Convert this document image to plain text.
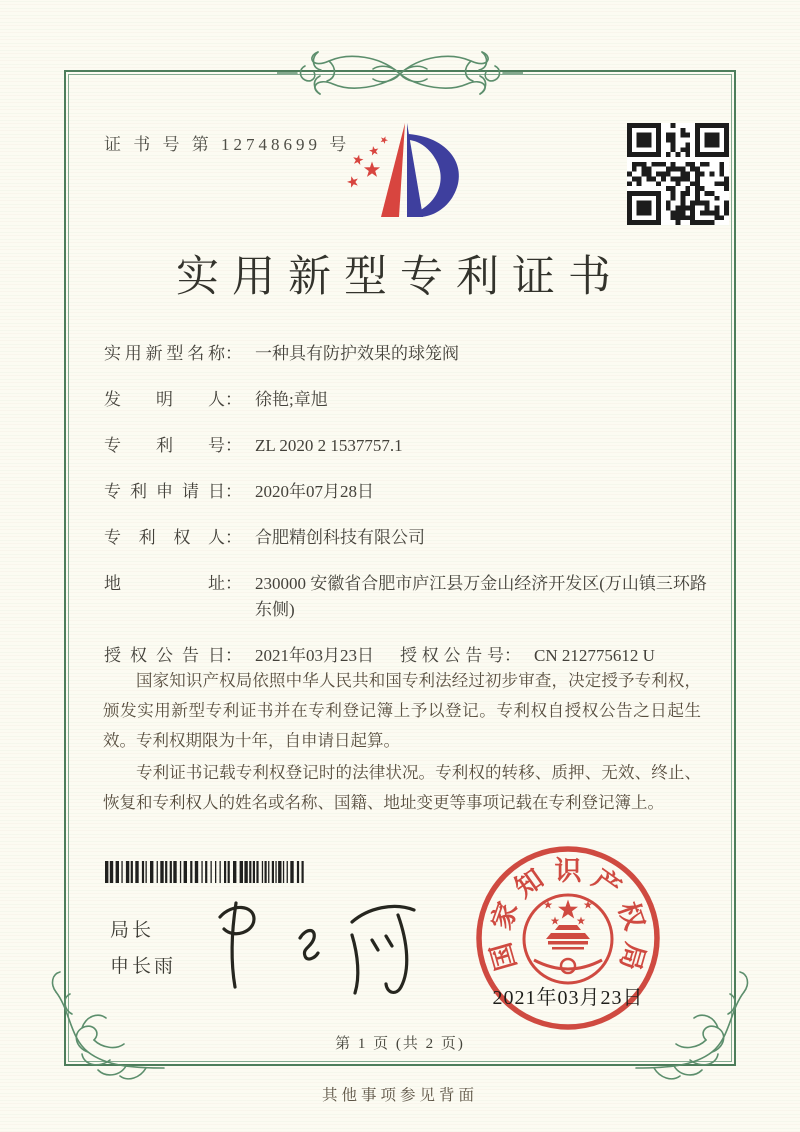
证 书 号 第 12748699 号
实用新型专利证书
实用新型名称 ： 一种具有防护效果的球笼阀
发明人 ： 徐艳;章旭
专利号 ： ZL 2020 2 1537757.1
专利申请日 ： 2020年07月28日
专利权人 ： 合肥精创科技有限公司
地址 ： 230000 安徽省合肥市庐江县万金山经济开发区(万山镇三环路东侧)
授权公告日 ： 2021年03月23日 授权公告号 ： CN 212775612 U

国家知识产权局依照中华人民共和国专利法经过初步审查，决定授予专利权，颁发实用新型专利证书并在专利登记簿上予以登记。专利权自授权公告之日起生效。专利权期限为十年，自申请日起算。

专利证书记载专利权登记时的法律状况。专利权的转移、质押、无效、终止、恢复和专利权人的姓名或名称、国籍、地址变更等事项记载在专利登记簿上。

局长
申长雨	国
家
知 识 产
权
局
2021年03月23日
第 1 页 (共 2 页)
其他事项参见背面
